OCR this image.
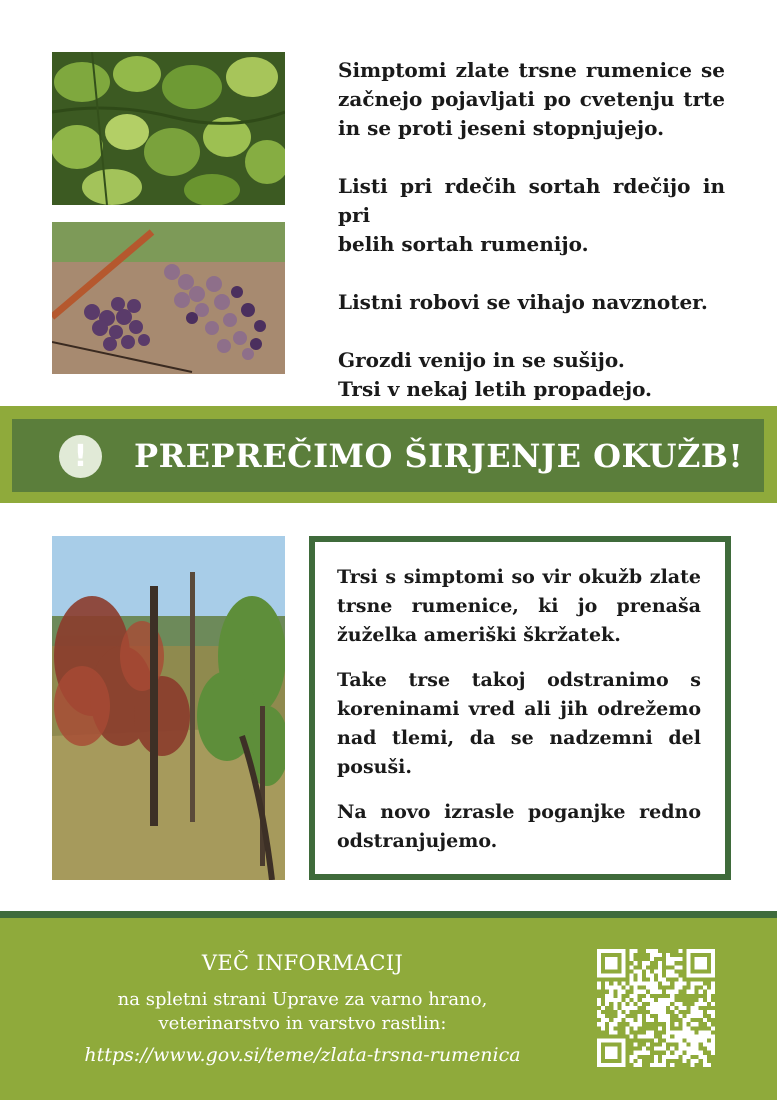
Simptomi zlate trsne rumenice se začnejo pojavljati po cvetenju trte in se proti jeseni stopnjujejo.

Listi pri rdečih sortah rdečijo in pri
belih sortah rumenijo.

Listni robovi se vihajo navznoter.

Grozdi venijo in se sušijo.
Trsi v nekaj letih propadejo.

!	PREPREČIMO ŠIRJENJE OKUŽB!

Trsi s simptomi so vir okužb zlate trsne rumenice, ki jo prenaša žuželka ameriški škržatek.

Take trse takoj odstranimo s koreninami vred ali jih odrežemo nad tlemi, da se nadzemni del posuši.

Na novo izrasle poganjke redno odstranjujemo.

VEČ INFORMACIJ
na spletni strani Uprave za varno hrano,
veterinarstvo in varstvo rastlin:
https://www.gov.si/teme/zlata-trsna-rumenica
